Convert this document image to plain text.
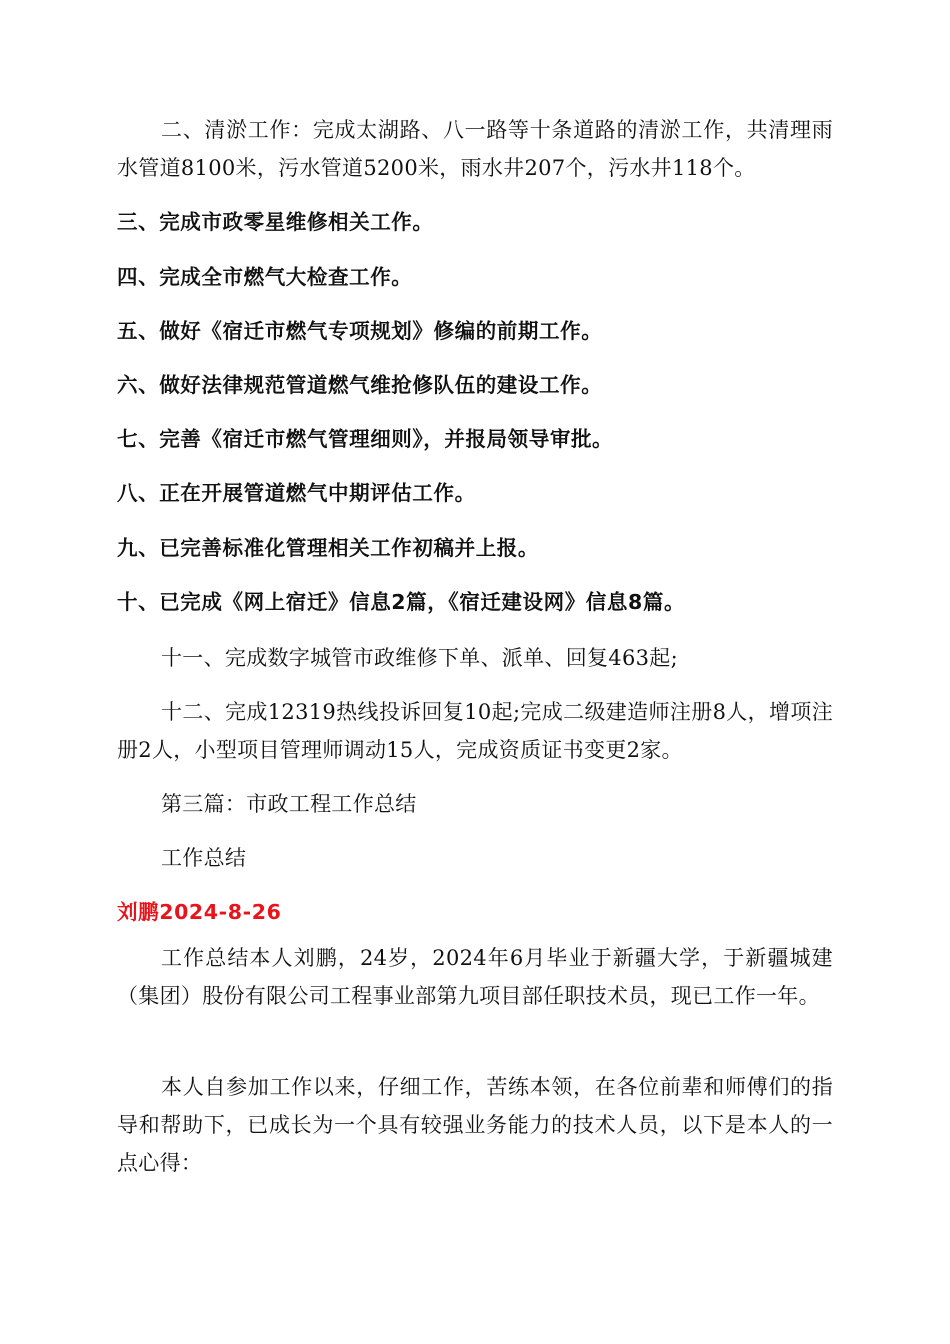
二、清淤工作：完成太湖路、八一路等十条道路的清淤工作，共清理雨水管道8100米，污水管道5200米，雨水井207个，污水井118个。

三、完成市政零星维修相关工作。

四、完成全市燃气大检查工作。

五、做好《宿迁市燃气专项规划》修编的前期工作。

六、做好法律规范管道燃气维抢修队伍的建设工作。

七、完善《宿迁市燃气管理细则》，并报局领导审批。

八、正在开展管道燃气中期评估工作。

九、已完善标准化管理相关工作初稿并上报。

十、已完成《网上宿迁》信息2篇，《宿迁建设网》信息8篇。

十一、完成数字城管市政维修下单、派单、回复463起;

十二、完成12319热线投诉回复10起;完成二级建造师注册8人，增项注册2人，小型项目管理师调动15人，完成资质证书变更2家。

第三篇：市政工程工作总结

工作总结

刘鹏2024-8-26

工作总结本人刘鹏，24岁，2024年6月毕业于新疆大学，于新疆城建（集团）股份有限公司工程事业部第九项目部任职技术员，现已工作一年。

本人自参加工作以来，仔细工作，苦练本领，在各位前辈和师傅们的指导和帮助下，已成长为一个具有较强业务能力的技术人员，以下是本人的一点心得：
